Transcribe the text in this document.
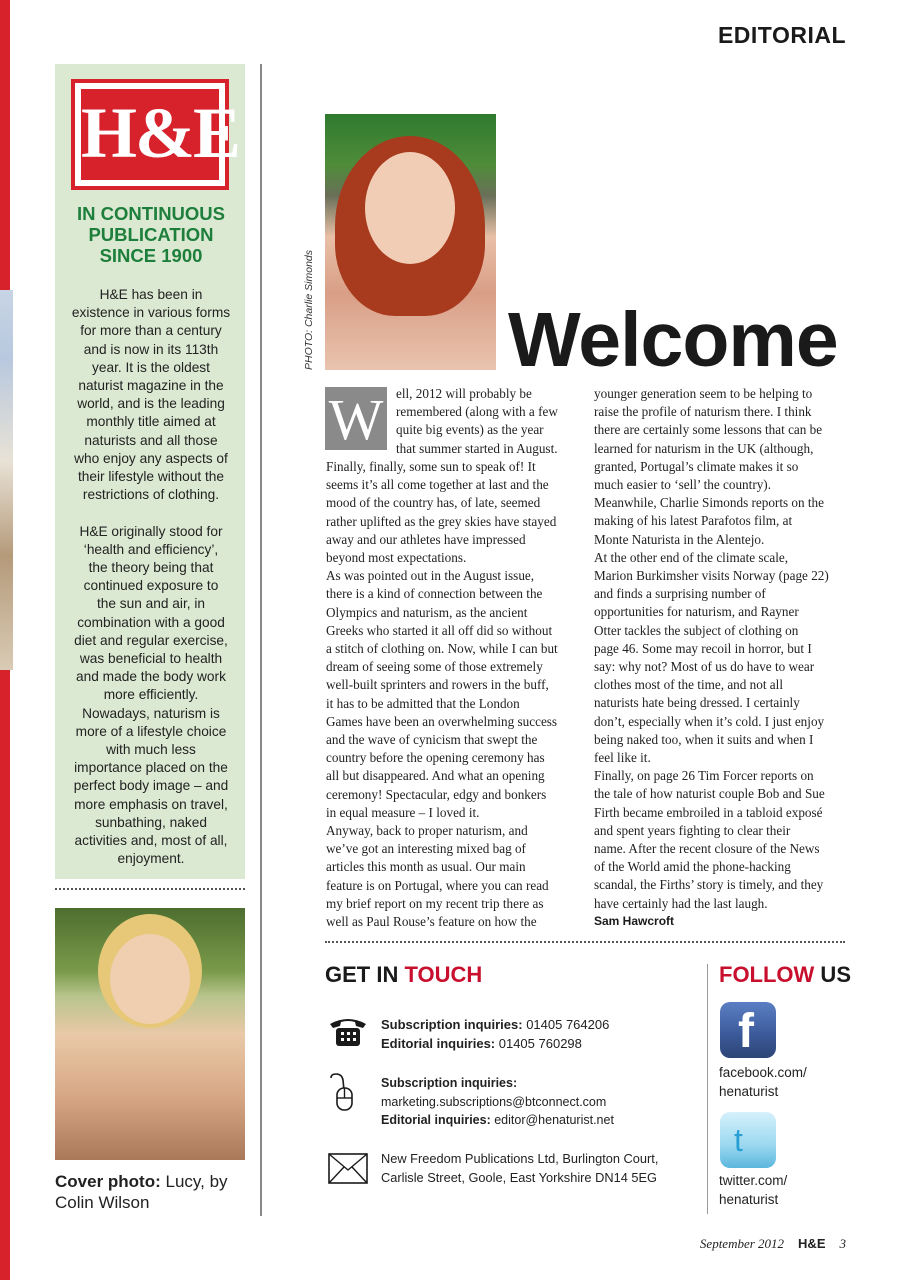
EDITORIAL
H&E
IN CONTINUOUS PUBLICATION SINCE 1900
H&E has been in
existence in various forms
for more than a century
and is now in its 113th
year. It is the oldest
naturist magazine in the
world, and is the leading
monthly title aimed at
naturists and all those
who enjoy any aspects of
their lifestyle without the
restrictions of clothing.

H&E originally stood for
‘health and efficiency’,
the theory being that
continued exposure to
the sun and air, in
combination with a good
diet and regular exercise,
was beneficial to health
and made the body work
more efficiently.
Nowadays, naturism is
more of a lifestyle choice
with much less
importance placed on the
perfect body image – and
more emphasis on travel,
sunbathing, naked
activities and, most of all,
enjoyment.
Cover photo: Lucy, by Colin Wilson
PHOTO: Charlie Simonds	Welcome
W ell, 2012 will probably be
remembered (along with a few
quite big events) as the year
that summer started in August.
Finally, finally, some sun to speak of! It
seems it’s all come together at last and the
mood of the country has, of late, seemed
rather uplifted as the grey skies have stayed
away and our athletes have impressed
beyond most expectations.
As was pointed out in the August issue,
there is a kind of connection between the
Olympics and naturism, as the ancient
Greeks who started it all off did so without
a stitch of clothing on. Now, while I can but
dream of seeing some of those extremely
well-built sprinters and rowers in the buff,
it has to be admitted that the London
Games have been an overwhelming success
and the wave of cynicism that swept the
country before the opening ceremony has
all but disappeared. And what an opening
ceremony! Spectacular, edgy and bonkers
in equal measure – I loved it.
Anyway, back to proper naturism, and
we’ve got an interesting mixed bag of
articles this month as usual. Our main
feature is on Portugal, where you can read
my brief report on my recent trip there as
well as Paul Rouse’s feature on how the
younger generation seem to be helping to
raise the profile of naturism there. I think
there are certainly some lessons that can be
learned for naturism in the UK (although,
granted, Portugal’s climate makes it so
much easier to ‘sell’ the country).
Meanwhile, Charlie Simonds reports on the
making of his latest Parafotos film, at
Monte Naturista in the Alentejo.
At the other end of the climate scale,
Marion Burkimsher visits Norway (page 22)
and finds a surprising number of
opportunities for naturism, and Rayner
Otter tackles the subject of clothing on
page 46. Some may recoil in horror, but I
say: why not? Most of us do have to wear
clothes most of the time, and not all
naturists hate being dressed. I certainly
don’t, especially when it’s cold. I just enjoy
being naked too, when it suits and when I
feel like it.
Finally, on page 26 Tim Forcer reports on
the tale of how naturist couple Bob and Sue
Firth became embroiled in a tabloid exposé
and spent years fighting to clear their
name. After the recent closure of the News
of the World amid the phone-hacking
scandal, the Firths’ story is timely, and they
have certainly had the last laugh.
Sam Hawcroft
GET IN TOUCH
Subscription inquiries: 01405 764206
Editorial inquiries: 01405 760298
Subscription inquiries:
marketing.subscriptions@btconnect.com
Editorial inquiries: editor@henaturist.net
New Freedom Publications Ltd, Burlington Court,
Carlisle Street, Goole, East Yorkshire DN14 5EG
FOLLOW US
f
facebook.com/
henaturist
t
twitter.com/
henaturist
September 2012 H&E 3
